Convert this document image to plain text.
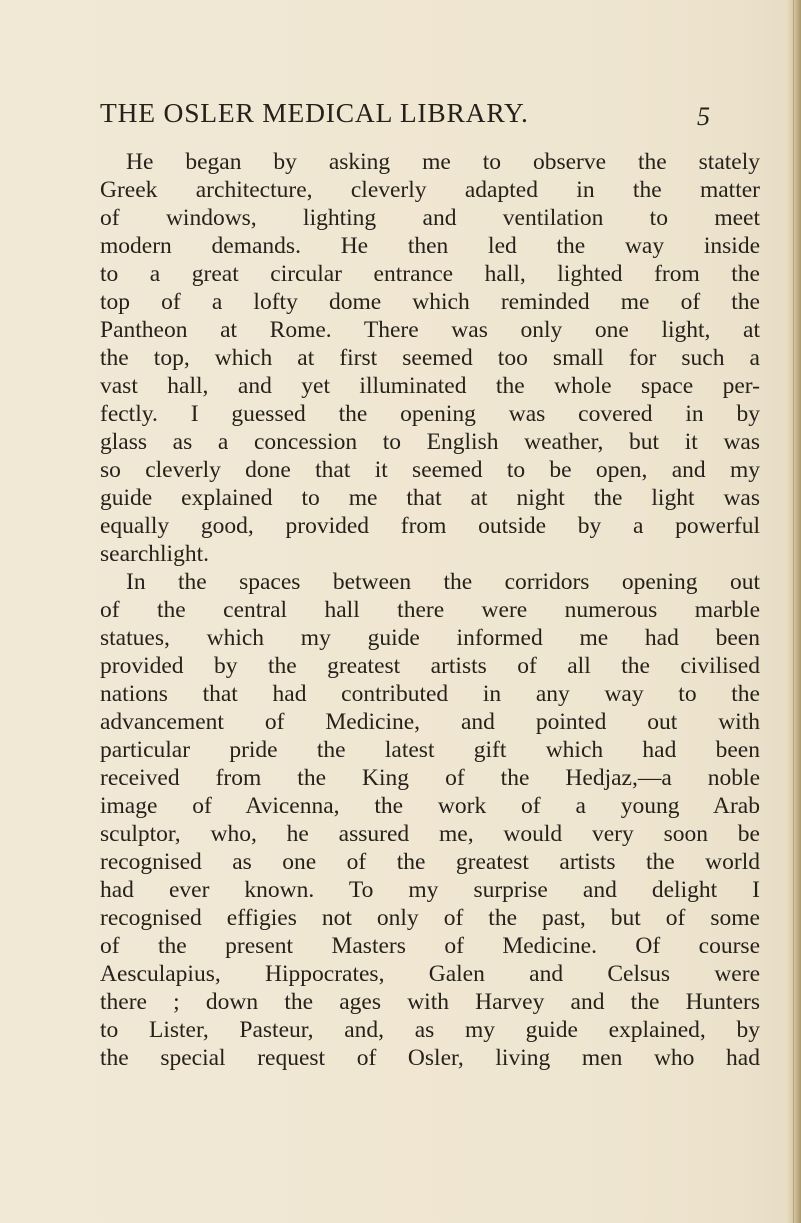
THE OSLER MEDICAL LIBRARY.	5
He began by asking me to observe the stately
Greek architecture, cleverly adapted in the matter
of windows, lighting and ventilation to meet
modern demands. He then led the way inside
to a great circular entrance hall, lighted from the
top of a lofty dome which reminded me of the
Pantheon at Rome. There was only one light, at
the top, which at first seemed too small for such a
vast hall, and yet illuminated the whole space per-
fectly. I guessed the opening was covered in by
glass as a concession to English weather, but it was
so cleverly done that it seemed to be open, and my
guide explained to me that at night the light was
equally good, provided from outside by a powerful
searchlight.
In the spaces between the corridors opening out
of the central hall there were numerous marble
statues, which my guide informed me had been
provided by the greatest artists of all the civilised
nations that had contributed in any way to the
advancement of Medicine, and pointed out with
particular pride the latest gift which had been
received from the King of the Hedjaz,—a noble
image of Avicenna, the work of a young Arab
sculptor, who, he assured me, would very soon be
recognised as one of the greatest artists the world
had ever known. To my surprise and delight I
recognised effigies not only of the past, but of some
of the present Masters of Medicine. Of course
Aesculapius, Hippocrates, Galen and Celsus were
there ; down the ages with Harvey and the Hunters
to Lister, Pasteur, and, as my guide explained, by
the special request of Osler, living men who had
